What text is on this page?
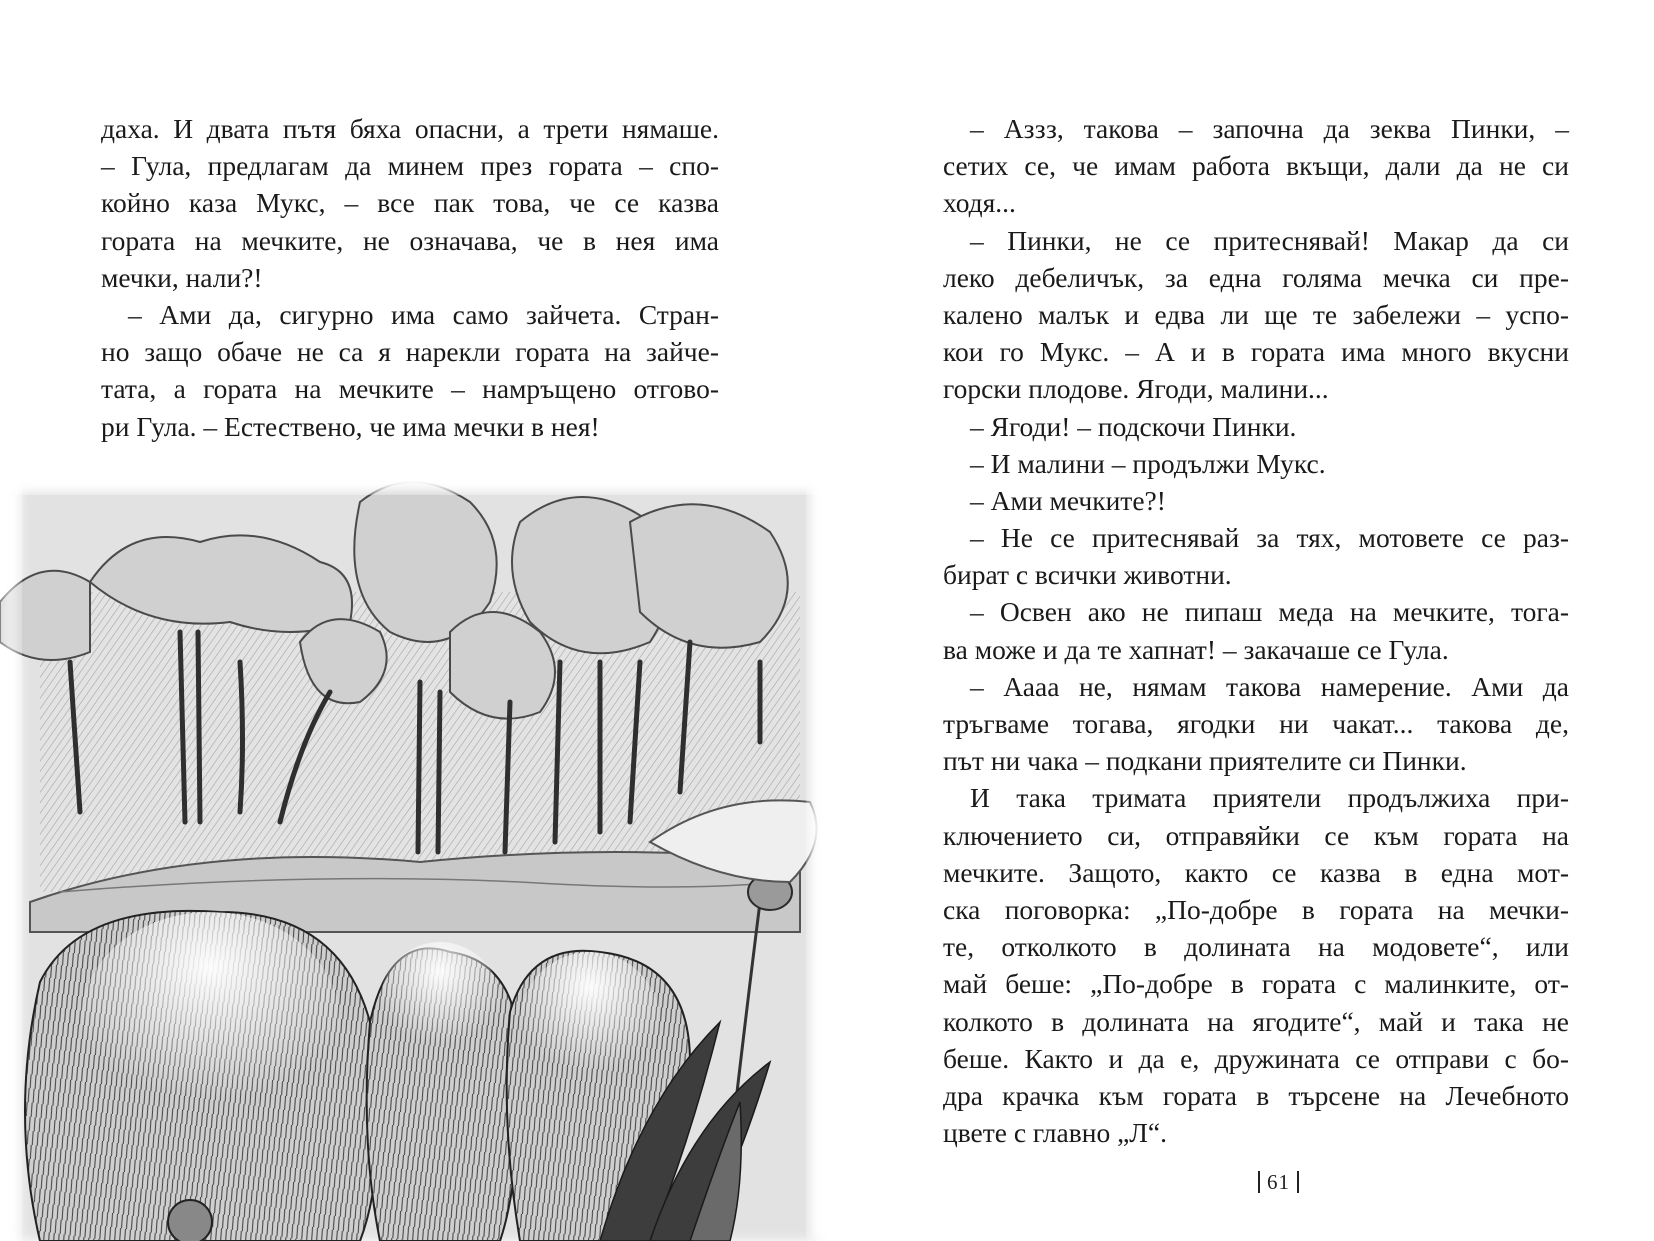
даха. И двата пътя бяха опасни, а трети нямаше.
– Гула, предлагам да минем през гората – спо-
койно каза Мукс, – все пак това, че се казва
гората на мечките, не означава, че в нея има
мечки, нали?!
– Ами да, сигурно има само зайчета. Стран-
но защо обаче не са я нарекли гората на зайче-
тата, а гората на мечките – намръщено отгово-
ри Гула. – Естествено, че има мечки в нея!
– Аззз, такова – започна да зеква Пинки, –
сетих се, че имам работа вкъщи, дали да не си
ходя...
– Пинки, не се притеснявай! Макар да си
леко дебеличък, за една голяма мечка си пре-
калено малък и едва ли ще те забележи – успо-
кои го Мукс. – А и в гората има много вкусни
горски плодове. Ягоди, малини...
– Ягоди! – подскочи Пинки.
– И малини – продължи Мукс.
– Ами мечките?!
– Не се притеснявай за тях, мотовете се раз-
бират с всички животни.
– Освен ако не пипаш меда на мечките, тога-
ва може и да те хапнат! – закачаше се Гула.
– Аааа не, нямам такова намерение. Ами да
тръгваме тогава, ягодки ни чакат... такова де,
път ни чака – подкани приятелите си Пинки.
И така тримата приятели продължиха при-
ключението си, отправяйки се към гората на
мечките. Защото, както се казва в една мот-
ска поговорка: „По-добре в гората на мечки-
те, отколкото в долината на модовете“, или
май беше: „По-добре в гората с малинките, от-
колкото в долината на ягодите“, май и така не
беше. Както и да е, дружината се отправи с бо-
дра крачка към гората в търсене на Лечебното
цвете с главно „Л“.
61
